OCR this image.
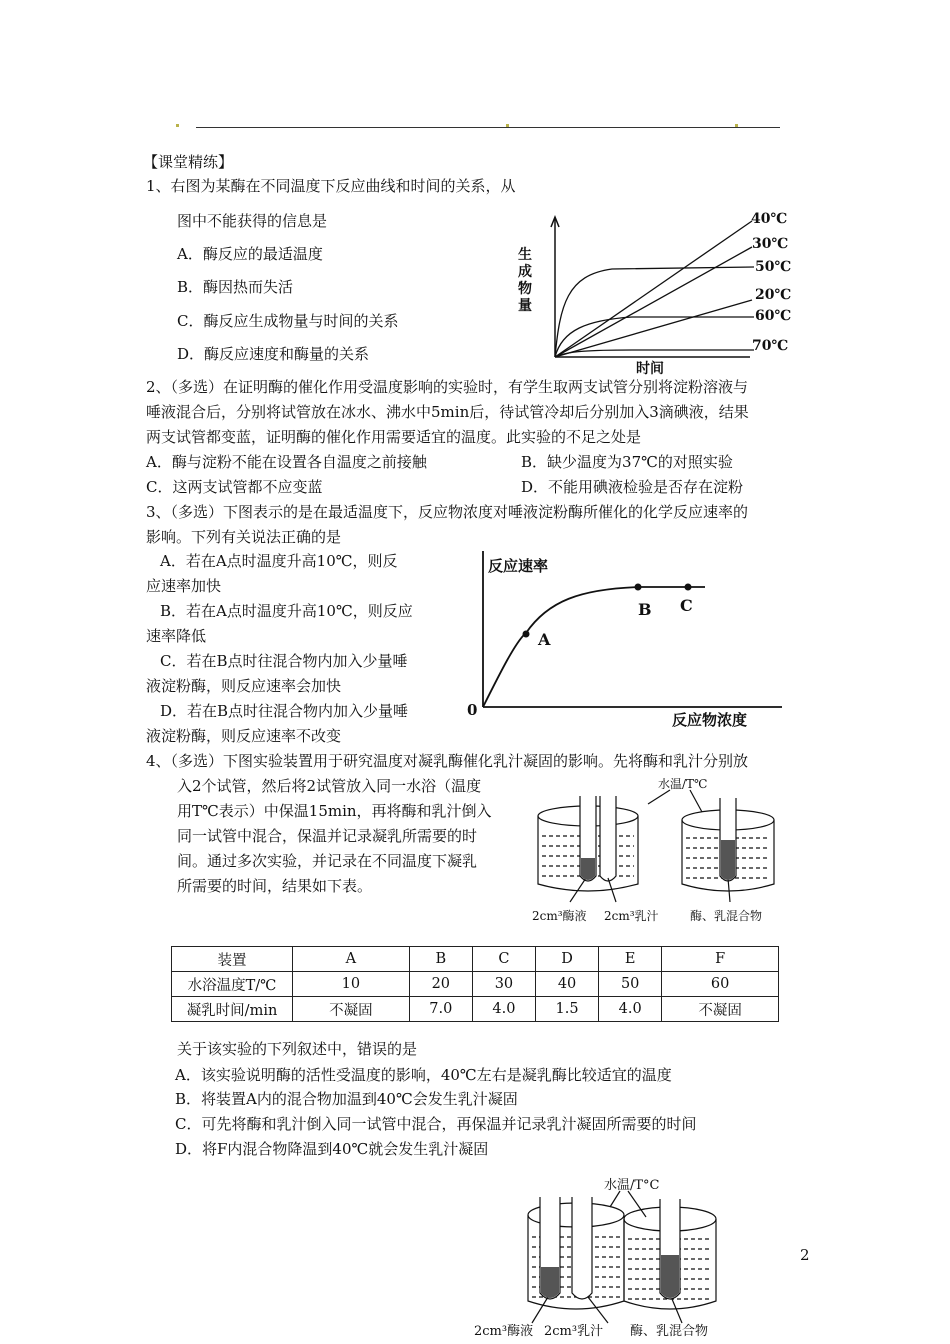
【课堂精练】
1、右图为某酶在不同温度下反应曲线和时间的关系，从
图中不能获得的信息是
A．酶反应的最适温度
B．酶因热而失活
C．酶反应生成物量与时间的关系
D．酶反应速度和酶量的关系
生
成
物
量
时间
40℃
30℃
50℃
20℃
60℃
70℃
2、（多选）在证明酶的催化作用受温度影响的实验时，有学生取两支试管分别将淀粉溶液与
唾液混合后，分别将试管放在冰水、沸水中5min后，待试管冷却后分别加入3滴碘液，结果
两支试管都变蓝，证明酶的催化作用需要适宜的温度。此实验的不足之处是
A．酶与淀粉不能在设置各自温度之前接触	B．缺少温度为37℃的对照实验
C．这两支试管都不应变蓝	D．不能用碘液检验是否存在淀粉
3、（多选）下图表示的是在最适温度下，反应物浓度对唾液淀粉酶所催化的化学反应速率的
影响。下列有关说法正确的是
A．若在A点时温度升高10℃，则反
应速率加快
B．若在A点时温度升高10℃，则反应
速率降低
C．若在B点时往混合物内加入少量唾
液淀粉酶，则反应速率会加快
D．若在B点时往混合物内加入少量唾
液淀粉酶，则反应速率不改变
反应速率
反应物浓度
0
A
B C
4、（多选）下图实验装置用于研究温度对凝乳酶催化乳汁凝固的影响。先将酶和乳汁分别放
入2个试管，然后将2试管放入同一水浴（温度
用T℃表示）中保温15min，再将酶和乳汁倒入
同一试管中混合，保温并记录凝乳所需要的时
间。通过多次实验，并记录在不同温度下凝乳
所需要的时间，结果如下表。
水温/T℃
2cm³酶液 2cm³乳汁	酶、乳混合物
装置	A	B	C	D	E	F
水浴温度T/℃	10	20	30	40	50	60
凝乳时间/min	不凝固	7.0	4.0	1.5	4.0	不凝固
关于该实验的下列叙述中，错误的是
A．该实验说明酶的活性受温度的影响，40℃左右是凝乳酶比较适宜的温度
B．将装置A内的混合物加温到40℃会发生乳汁凝固
C．可先将酶和乳汁倒入同一试管中混合，再保温并记录乳汁凝固所需要的时间
D．将F内混合物降温到40℃就会发生乳汁凝固
水温/T°C
2cm³酶液 2cm³乳汁 酶、乳混合物
2
